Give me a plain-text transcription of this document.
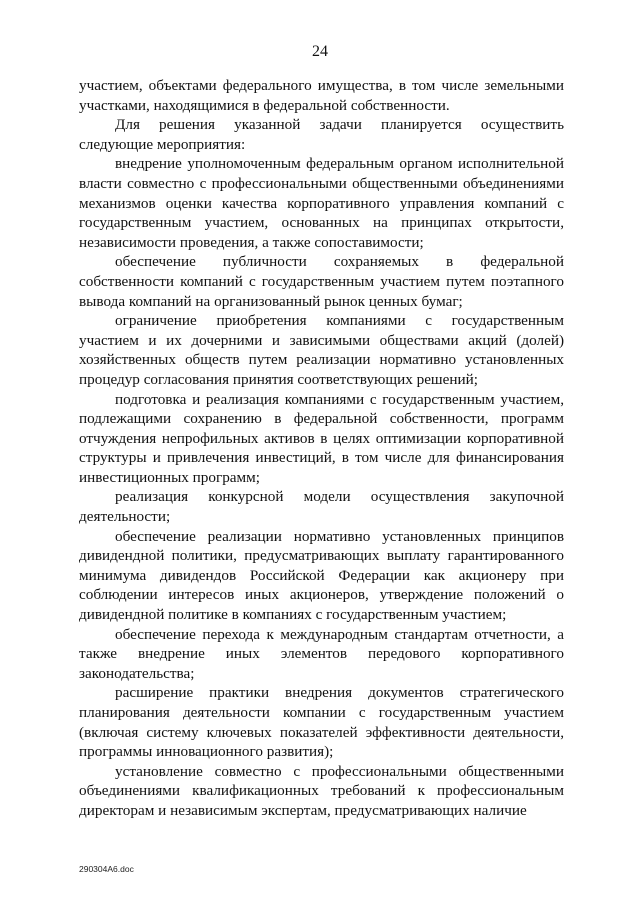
24

участием, объектами федерального имущества, в том числе земельными участками, находящимися в федеральной собственности.

Для решения указанной задачи планируется осуществить следующие мероприятия:

внедрение уполномоченным федеральным органом исполнительной власти совместно с профессиональными общественными объединениями механизмов оценки качества корпоративного управления компаний с государственным участием, основанных на принципах открытости, независимости проведения, а также сопоставимости;

обеспечение публичности сохраняемых в федеральной собственности компаний с государственным участием путем поэтапного вывода компаний на организованный рынок ценных бумаг;

ограничение приобретения компаниями с государственным участием и их дочерними и зависимыми обществами акций (долей) хозяйственных обществ путем реализации нормативно установленных процедур согласования принятия соответствующих решений;

подготовка и реализация компаниями с государственным участием, подлежащими сохранению в федеральной собственности, программ отчуждения непрофильных активов в целях оптимизации корпоративной структуры и привлечения инвестиций, в том числе для финансирования инвестиционных программ;

реализация конкурсной модели осуществления закупочной деятельности;

обеспечение реализации нормативно установленных принципов дивидендной политики, предусматривающих выплату гарантированного минимума дивидендов Российской Федерации как акционеру при соблюдении интересов иных акционеров, утверждение положений о дивидендной политике в компаниях с государственным участием;

обеспечение перехода к международным стандартам отчетности, а также внедрение иных элементов передового корпоративного законодательства;

расширение практики внедрения документов стратегического планирования деятельности компании с государственным участием (включая систему ключевых показателей эффективности деятельности, программы инновационного развития);

установление совместно с профессиональными общественными объединениями квалификационных требований к профессиональным директорам и независимым экспертам, предусматривающих наличие

290304A6.doc
